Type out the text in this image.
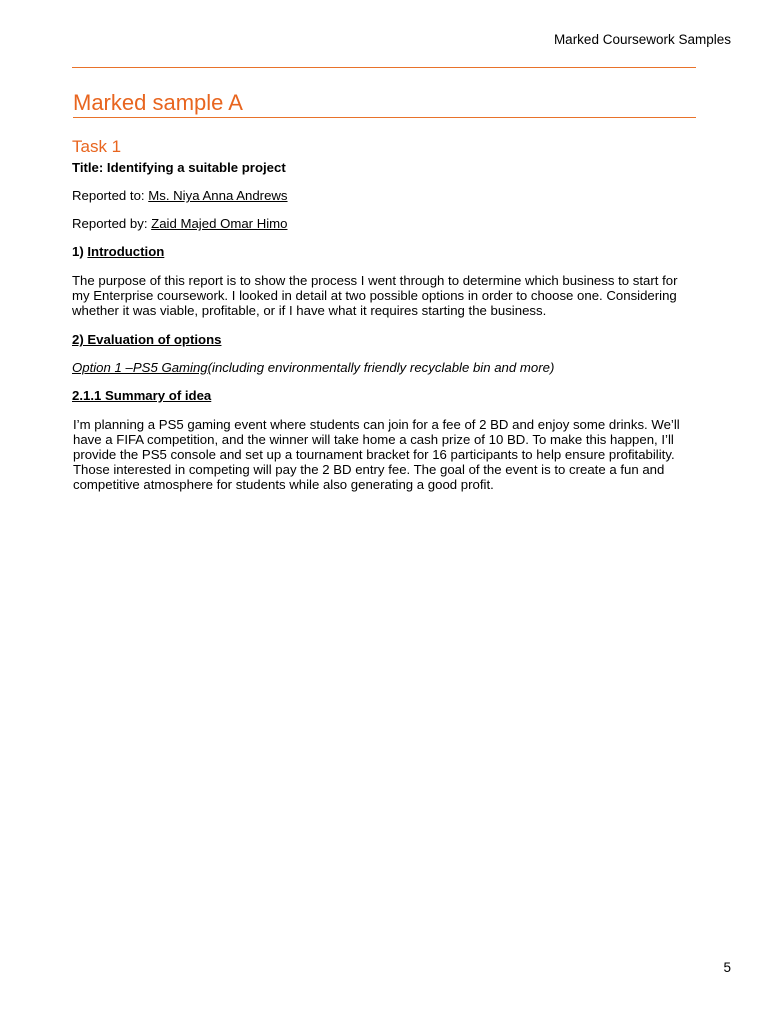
Marked Coursework Samples
Marked sample A
Task 1

Title: Identifying a suitable project

Reported to: Ms. Niya Anna Andrews

Reported by: Zaid Majed Omar Himo

1) Introduction

The purpose of this report is to show the process I went through to determine which business to start for my Enterprise coursework. I looked in detail at two possible options in order to choose one. Considering whether it was viable, profitable, or if I have what it requires starting the business.

2) Evaluation of options

Option 1 –PS5 Gaming(including environmentally friendly recyclable bin and more)

2.1.1 Summary of idea

I’m planning a PS5 gaming event where students can join for a fee of 2 BD and enjoy some drinks. We’ll have a FIFA competition, and the winner will take home a cash prize of 10 BD. To make this happen, I’ll provide the PS5 console and set up a tournament bracket for 16 participants to help ensure profitability. Those interested in competing will pay the 2 BD entry fee. The goal of the event is to create a fun and competitive atmosphere for students while also generating a good profit.

5
